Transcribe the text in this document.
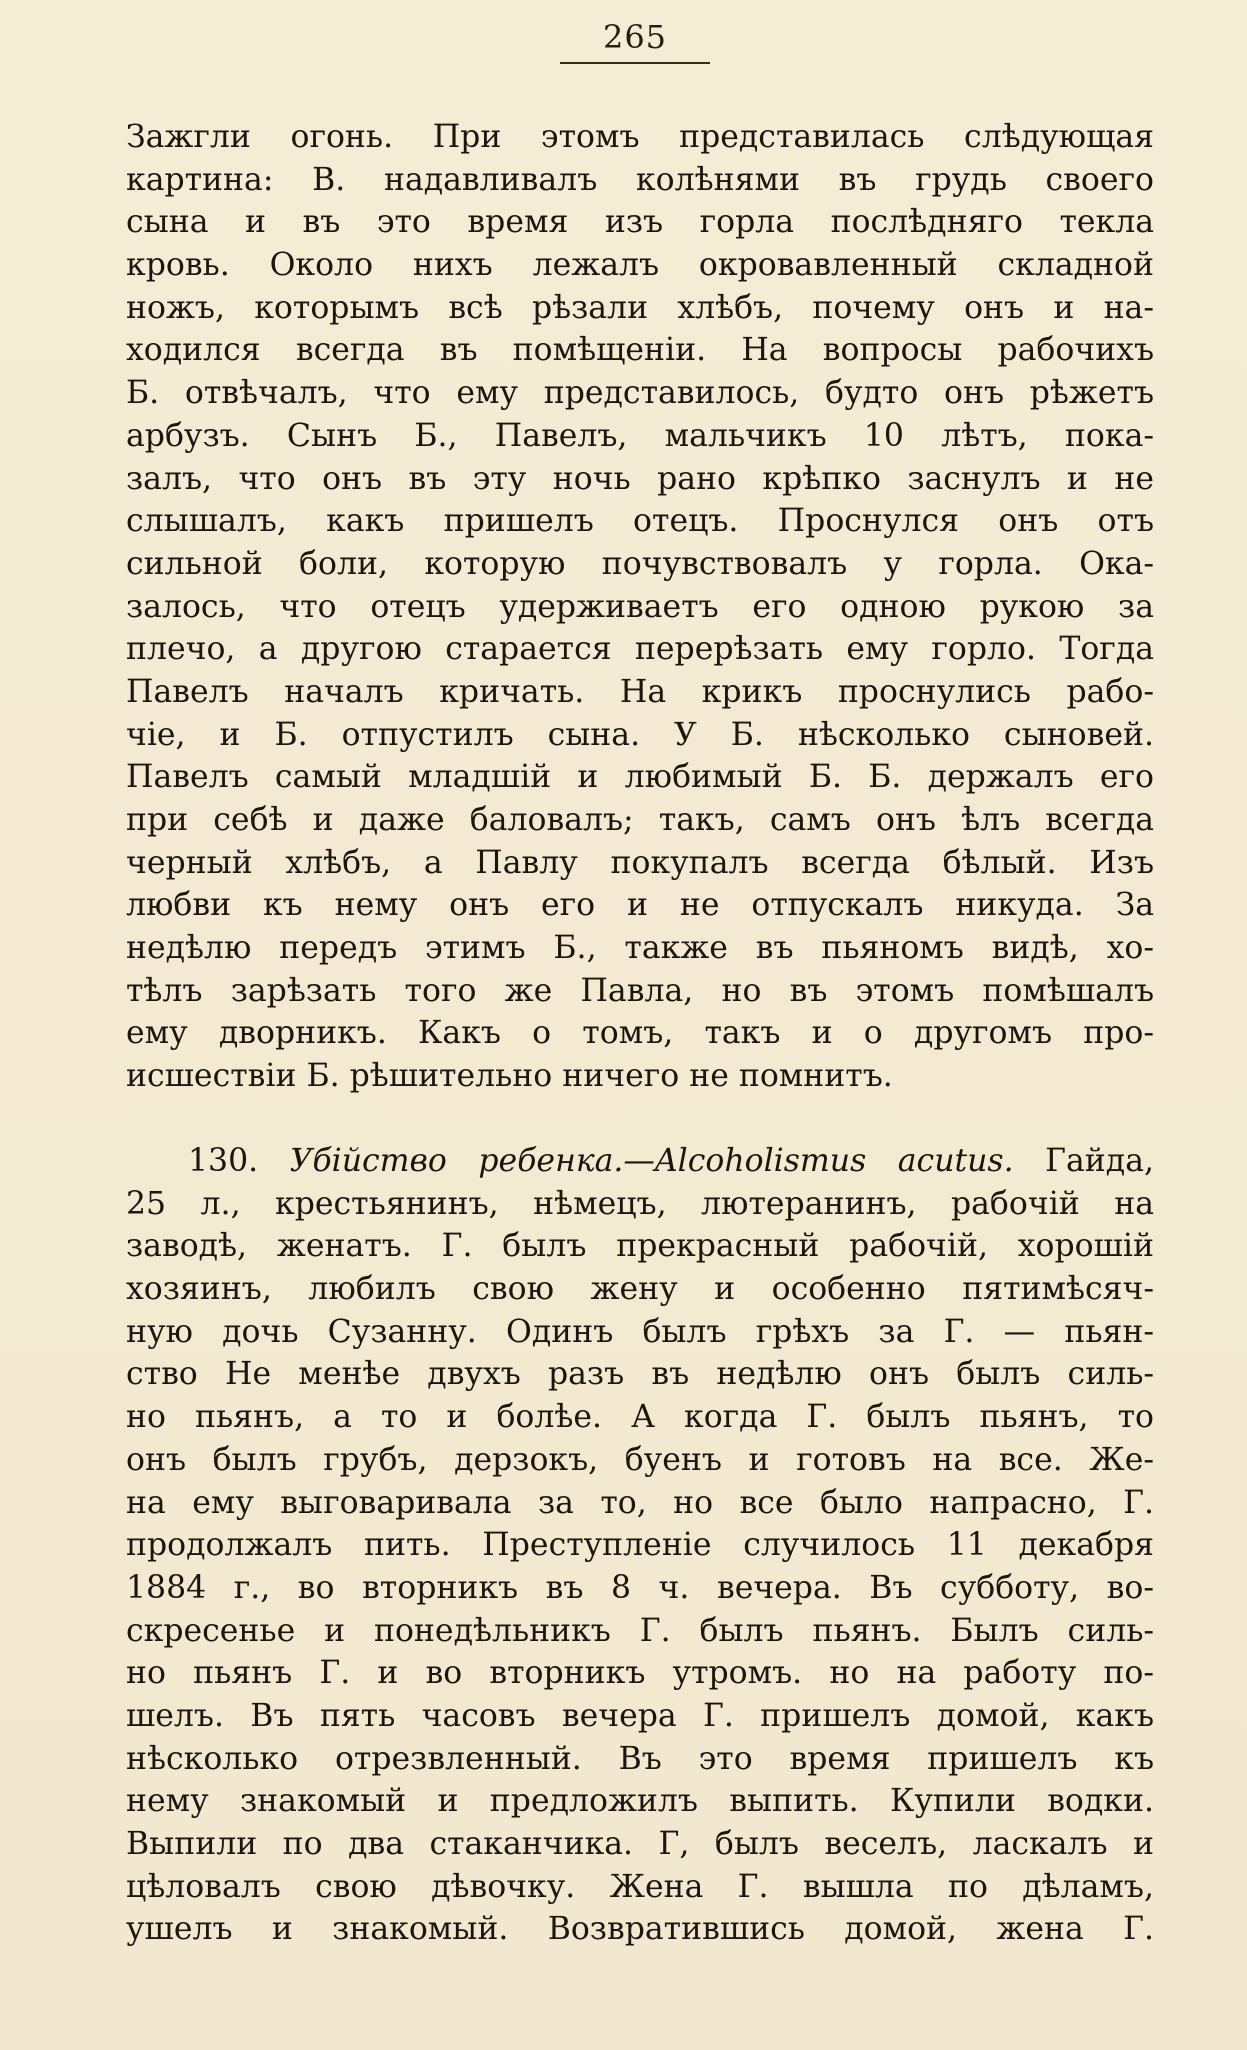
265
Зажгли огонь. При этомъ представилась слѣдующая
картина: В. надавливалъ колѣнями въ грудь своего
сына и въ это время изъ горла послѣдняго текла
кровь. Около нихъ лежалъ окровавленный складной
ножъ, которымъ всѣ рѣзали хлѣбъ, почему онъ и на-
ходился всегда въ помѣщенiи. На вопросы рабочихъ
Б. отвѣчалъ, что ему представилось, будто онъ рѣжетъ
арбузъ. Сынъ Б., Павелъ, мальчикъ 10 лѣтъ, пока-
залъ, что онъ въ эту ночь рано крѣпко заснулъ и не
слышалъ, какъ пришелъ отецъ. Проснулся онъ отъ
сильной боли, которую почувствовалъ у горла. Ока-
залось, что отецъ удерживаетъ его одною рукою за
плечо, а другою старается перерѣзать ему горло. Тогда
Павелъ началъ кричать. На крикъ проснулись рабо-
чiе, и Б. отпустилъ сына. У Б. нѣсколько сыновей.
Павелъ самый младшiй и любимый Б. Б. держалъ его
при себѣ и даже баловалъ; такъ, самъ онъ ѣлъ всегда
черный хлѣбъ, а Павлу покупалъ всегда бѣлый. Изъ
любви къ нему онъ его и не отпускалъ никуда. За
недѣлю передъ этимъ Б., также въ пьяномъ видѣ, хо-
тѣлъ зарѣзать того же Павла, но въ этомъ помѣшалъ
ему дворникъ. Какъ о томъ, такъ и о другомъ про-
исшествiи Б. рѣшительно ничего не помнитъ.
130. Убійство ребенка.—Alcoholismus acutus. Гайда,
25 л., крестьянинъ, нѣмецъ, лютеранинъ, рабочiй на
заводѣ, женатъ. Г. былъ прекрасный рабочiй, хорошiй
хозяинъ, любилъ свою жену и особенно пятимѣсяч-
ную дочь Сузанну. Одинъ былъ грѣхъ за Г. — пьян-
ство Не менѣе двухъ разъ въ недѣлю онъ былъ силь-
но пьянъ, а то и болѣе. А когда Г. былъ пьянъ, то
онъ былъ грубъ, дерзокъ, буенъ и готовъ на все. Же-
на ему выговаривала за то, но все было напрасно, Г.
продолжалъ пить. Преступленiе случилось 11 декабря
1884 г., во вторникъ въ 8 ч. вечера. Въ субботу, во-
скресенье и понедѣльникъ Г. былъ пьянъ. Былъ силь-
но пьянъ Г. и во вторникъ утромъ. но на работу по-
шелъ. Въ пять часовъ вечера Г. пришелъ домой, какъ
нѣсколько отрезвленный. Въ это время пришелъ къ
нему знакомый и предложилъ выпить. Купили водки.
Выпили по два стаканчика. Г, былъ веселъ, ласкалъ и
цѣловалъ свою дѣвочку. Жена Г. вышла по дѣламъ,
ушелъ и знакомый. Возвратившись домой, жена Г.
